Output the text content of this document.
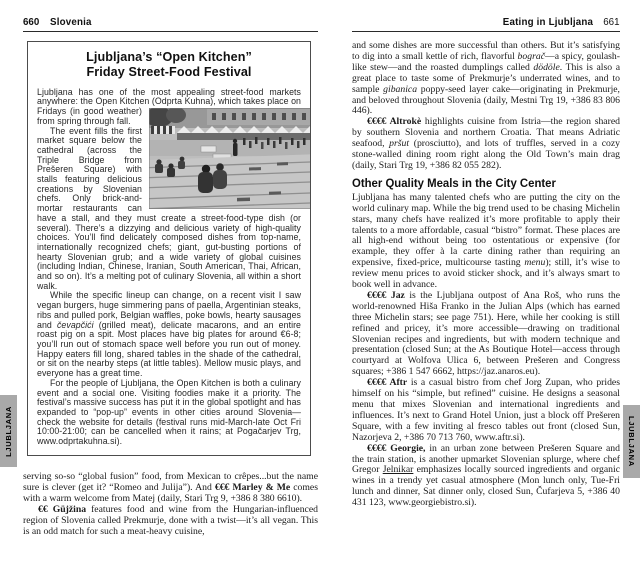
660 Slovenia
Ljubljana’s “Open Kitchen”
Friday Street-Food Festival

Ljubljana has one of the most appealing street-food markets anywhere: the Open Kitchen (Odprta Kuhna), which takes
place on Fridays (in good weather) from spring through fall.

The event fills the first market square below the cathedral (across the Triple Bridge from Prešeren Square) with stalls featuring delicious creations by Slovenian chefs. Only brick-and-mortar restaurants can have a stall, and they must create a street-food-type dish (or several). There’s a dizzying and delicious variety of high-quality choices. You’ll find delicately composed dishes from top-name, internationally recognized chefs; giant, gut-busting portions of hearty Slovenian grub; and a wide variety of global cuisines (including Indian, Chinese, Iranian, South American, Thai, African, and so on). It’s a melting pot of culinary Slovenia, all within a short walk.

While the specific lineup can change, on a recent visit I saw vegan burgers, huge simmering pans of paella, Argentinian steaks, ribs and pulled pork, Belgian waffles, poke bowls, hearty sausages and čevapčići (grilled meat), delicate macarons, and an entire roast pig on a spit. Most places have big plates for around €6-8; you’ll run out of stomach space well before you run out of money. Happy eaters fill long, shared tables in the shade of the cathedral, or sit on the nearby steps (at little tables). Mellow music plays, and everyone has a great time.

For the people of Ljubljana, the Open Kitchen is both a culinary event and a social one. Visiting foodies make it a priority. The festival’s massive success has put it in the global spotlight and has expanded to “pop-up” events in other cities around Slovenia—check the website for details (festival runs mid-March-late Oct Fri 10:00-21:00; can be cancelled when it rains; at Pogačarjev Trg, www.odprtakuhna.si).

serving so-so “global fusion” food, from Mexican to crêpes...but the name sure is clever (get it? “Romeo and Julija”). And €€€ Marley & Me comes with a warm welcome from Matej (daily, Stari Trg 9, +386 8 380 6610).

€€ Güjžina features food and wine from the Hungarian-influenced region of Slovenia called Prekmurje, done with a twist—it’s all vegan. This is an odd match for such a meat-heavy cuisine,

Eating in Ljubljana 661

and some dishes are more successful than others. But it’s satisfying to dig into a small kettle of rich, flavorful bograč—a spicy, goulash-like stew—and the roasted dumplings called dödöle. This is also a great place to taste some of Prekmurje’s underrated wines, and to sample gibanica poppy-seed layer cake—originating in Prekmurje, and beloved throughout Slovenia (daily, Mestni Trg 19, +386 83 806 446).

€€€€ Altrokè highlights cuisine from Istria—the region shared by southern Slovenia and northern Croatia. That means Adriatic seafood, pršut (prosciutto), and lots of truffles, served in a cozy stone-walled dining room right along the Old Town’s main drag (daily, Stari Trg 19, +386 82 055 282).

Other Quality Meals in the City Center

Ljubljana has many talented chefs who are putting the city on the world culinary map. While the big trend used to be chasing Michelin stars, many chefs have realized it’s more profitable to apply their talents to a more affordable, casual “bistro” format. These places are all high-end without being too ostentatious or expensive (for example, they offer à la carte dining rather than requiring an expensive, fixed-price, multicourse tasting menu); still, it’s wise to review menu prices to avoid sticker shock, and it’s always smart to book well in advance.

€€€€ Jaz is the Ljubljana outpost of Ana Roš, who runs the world-renowned Hiša Franko in the Julian Alps (which has earned three Michelin stars; see page 751). Here, while her cooking is still refined and pricey, it’s more accessible—drawing on traditional Slovenian recipes and ingredients, but with modern technique and presentation (closed Sun; at the As Boutique Hotel—access through courtyard at Wolfova Ulica 6, between Prešeren and Congress squares; +386 1 547 6662, https://jaz.anaros.eu).

€€€€ Aftr is a casual bistro from chef Jorg Zupan, who prides himself on his “simple, but refined” cuisine. He designs a seasonal menu that mixes Slovenian and international ingredients and influences. It’s next to Grand Hotel Union, just a block off Prešeren Square, with a few inviting al fresco tables out front (closed Sun, Nazorjeva 2, +386 70 713 760, www.aftr.si).

€€€€ Georgie, in an urban zone between Prešeren Square and the train station, is another upmarket Slovenian splurge, where chef Gregor Jelnikar emphasizes locally sourced ingredients and organic wines in a trendy yet casual atmosphere (Mon lunch only, Tue-Fri lunch and dinner, Sat dinner only, closed Sun, Čufarjeva 5, +386 40 431 123, www.georgiebistro.si).

LJUBLJANA	LJUBLJANA
